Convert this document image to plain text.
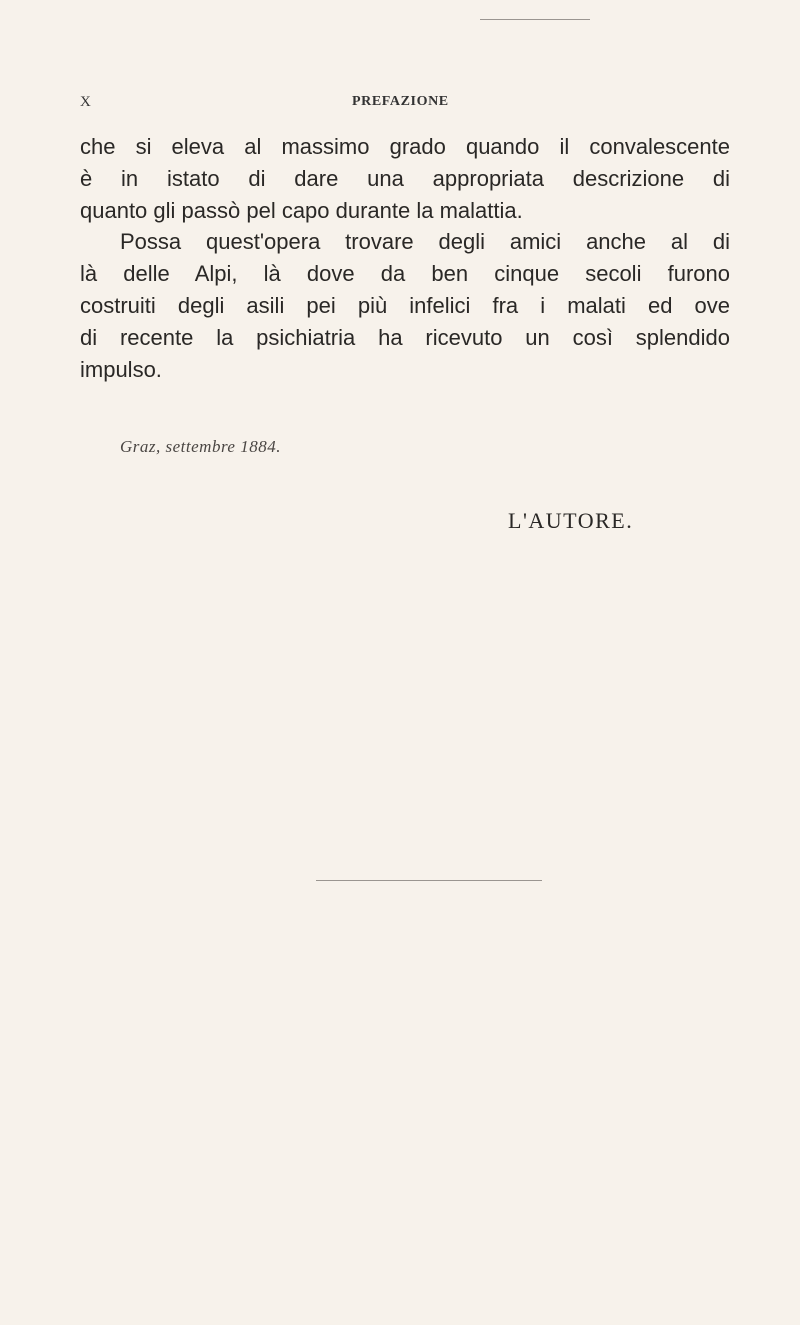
X	PREFAZIONE
che si eleva al massimo grado quando il convalescente
è in istato di dare una appropriata descrizione di
quanto gli passò pel capo durante la malattia.
Possa quest'opera trovare degli amici anche al di
là delle Alpi, là dove da ben cinque secoli furono
costruiti degli asili pei più infelici fra i malati ed ove
di recente la psichiatria ha ricevuto un così splendido
impulso.
Graz, settembre 1884.
L'AUTORE.
